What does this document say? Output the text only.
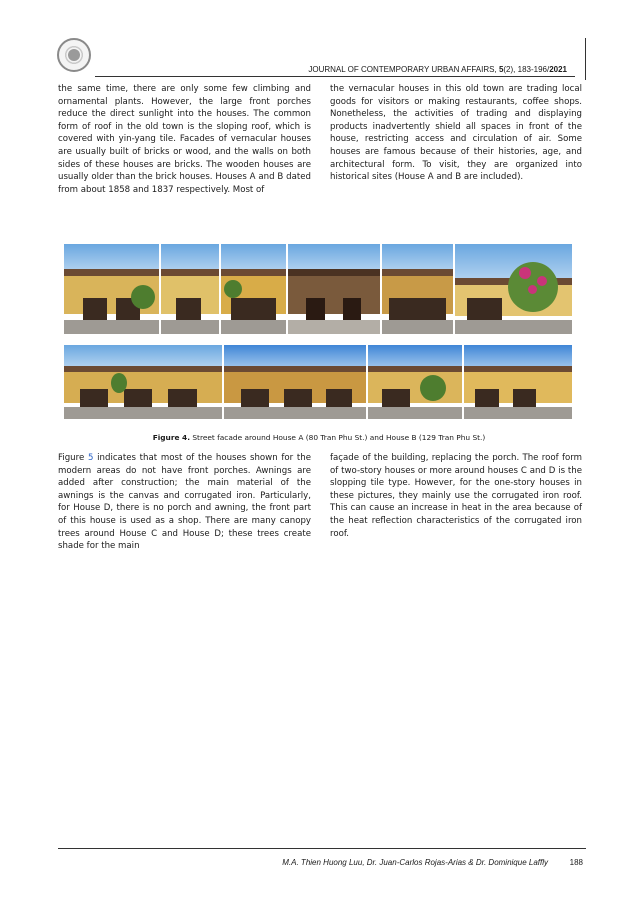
JOURNAL OF CONTEMPORARY URBAN AFFAIRS, 5(2), 183-196/2021

the same time, there are only some few climbing and ornamental plants. However, the large front porches reduce the direct sunlight into the houses. The common form of roof in the old town is the sloping roof, which is covered with yin-yang tile. Facades of vernacular houses are usually built of bricks or wood, and the walls on both sides of these houses are bricks. The wooden houses are usually older than the brick houses. Houses A and B dated from about 1858 and 1837 respectively. Most of

the vernacular houses in this old town are trading local goods for visitors or making restaurants, coffee shops. Nonetheless, the activities of trading and displaying products inadvertently shield all spaces in front of the house, restricting access and circulation of air. Some houses are famous because of their histories, age, and architectural form. To visit, they are organized into historical sites (House A and B are included).

Figure 4. Street facade around House A (80 Tran Phu St.) and House B (129 Tran Phu St.)

Figure 5 indicates that most of the houses shown for the modern areas do not have front porches. Awnings are added after construction; the main material of the awnings is the canvas and corrugated iron. Particularly, for House D, there is no porch and awning, the front part of this house is used as a shop. There are many canopy trees around House C and House D; these trees create shade for the main

façade of the building, replacing the porch. The roof form of two-story houses or more around houses C and D is the slopping tile type. However, for the one-story houses in these pictures, they mainly use the corrugated iron roof. This can cause an increase in heat in the area because of the heat reflection characteristics of the corrugated iron roof.

M.A. Thien Huong Luu, Dr. Juan-Carlos Rojas-Arias & Dr. Dominique Laffly	188
